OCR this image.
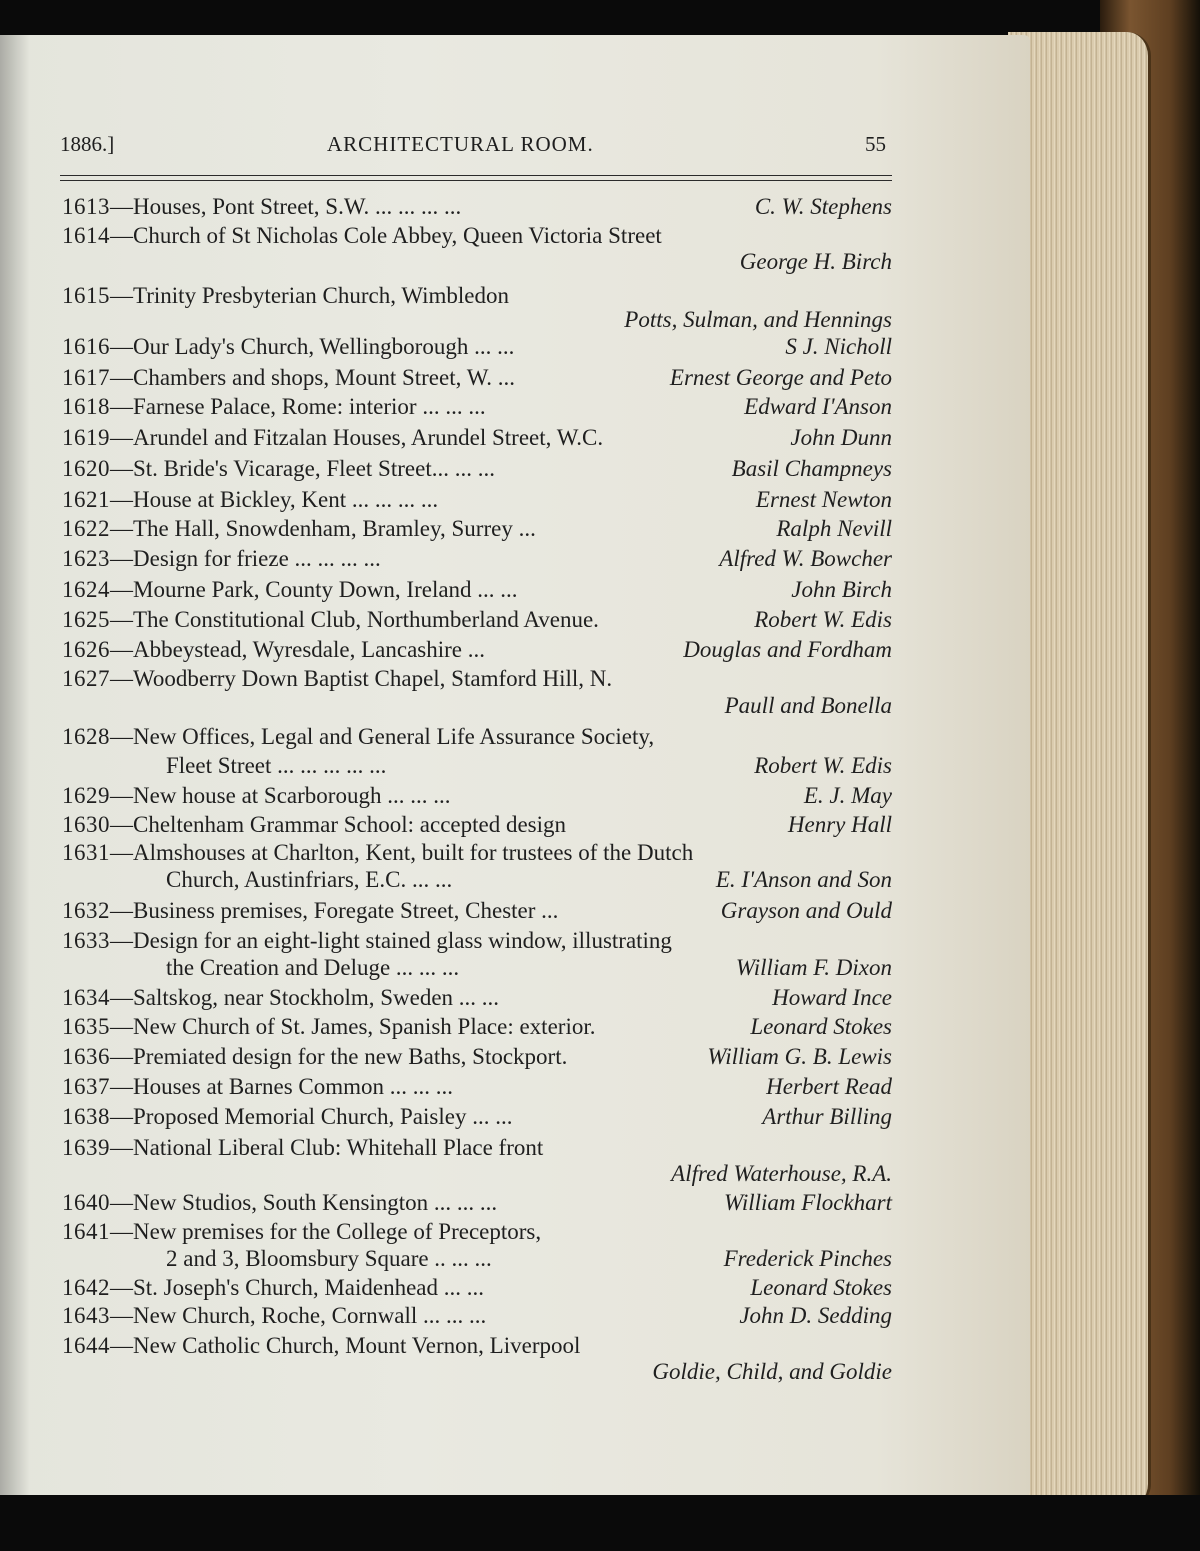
1613—Houses, Pont Street, S.W. ... ... ... ...	C. W. Stephens
1614—Church of St Nicholas Cole Abbey, Queen Victoria Street
George H. Birch
1615—Trinity Presbyterian Church, Wimbledon
Potts, Sulman, and Hennings
1616—Our Lady's Church, Wellingborough ... ...	S J. Nicholl
1617—Chambers and shops, Mount Street, W. ...	Ernest George and Peto
1618—Farnese Palace, Rome: interior ... ... ...	Edward I'Anson
1619—Arundel and Fitzalan Houses, Arundel Street, W.C.	John Dunn
1620—St. Bride's Vicarage, Fleet Street... ... ...	Basil Champneys
1621—House at Bickley, Kent ... ... ... ...	Ernest Newton
1622—The Hall, Snowdenham, Bramley, Surrey ...	Ralph Nevill
1623—Design for frieze ... ... ... ...	Alfred W. Bowcher
1624—Mourne Park, County Down, Ireland ... ...	John Birch
1625—The Constitutional Club, Northumberland Avenue.	Robert W. Edis
1626—Abbeystead, Wyresdale, Lancashire ...	Douglas and Fordham
1627—Woodberry Down Baptist Chapel, Stamford Hill, N.
Paull and Bonella
1628—New Offices, Legal and General Life Assurance Society,
Fleet Street ... ... ... ... ...	Robert W. Edis
1629—New house at Scarborough ... ... ...	E. J. May
1630—Cheltenham Grammar School: accepted design	Henry Hall
1631—Almshouses at Charlton, Kent, built for trustees of the Dutch
Church, Austinfriars, E.C. ... ...	E. I'Anson and Son
1632—Business premises, Foregate Street, Chester ...	Grayson and Ould
1633—Design for an eight-light stained glass window, illustrating
the Creation and Deluge ... ... ...	William F. Dixon
1634—Saltskog, near Stockholm, Sweden ... ...	Howard Ince
1635—New Church of St. James, Spanish Place: exterior.	Leonard Stokes
1636—Premiated design for the new Baths, Stockport.	William G. B. Lewis
1637—Houses at Barnes Common ... ... ...	Herbert Read
1638—Proposed Memorial Church, Paisley ... ...	Arthur Billing
1639—National Liberal Club: Whitehall Place front
Alfred Waterhouse, R.A.
1640—New Studios, South Kensington ... ... ...	William Flockhart
1641—New premises for the College of Preceptors,
2 and 3, Bloomsbury Square .. ... ...	Frederick Pinches
1642—St. Joseph's Church, Maidenhead ... ...	Leonard Stokes
1643—New Church, Roche, Cornwall ... ... ...	John D. Sedding
1644—New Catholic Church, Mount Vernon, Liverpool
Goldie, Child, and Goldie
1886.]	ARCHITECTURAL ROOM.	55
